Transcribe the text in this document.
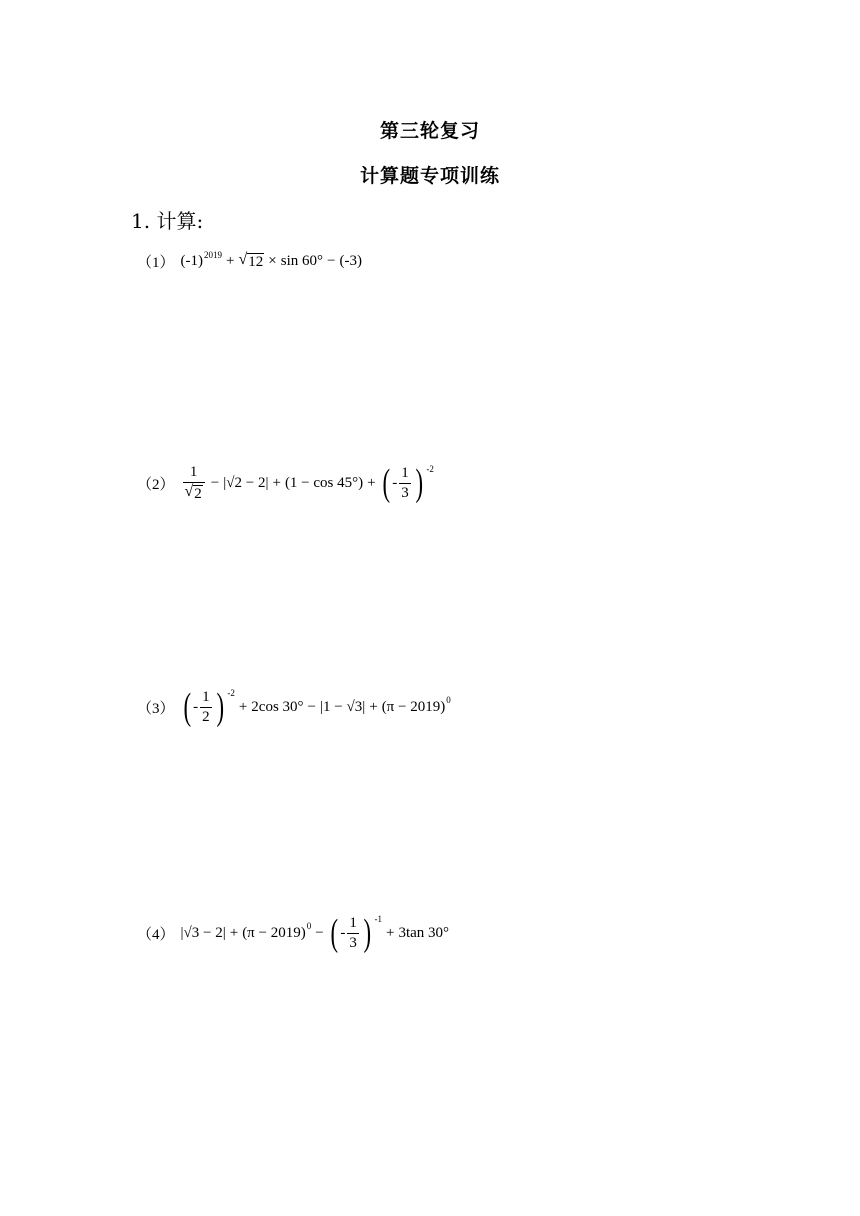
第三轮复习
计算题专项训练
1. 计算:
（1） (-1) 2019 + √ 12 × sin 60° − (-3)
$(2) \frac{1}{√ 2} - |√2 - 2| + (1 - \cos 45^\circ)$ + ( - $\frac{1}{3}$ ) -2
（3） ( - $\frac{1}{2}$ ) -2
+ 2cos 30° − |1 − √3| + (π − 2019) 0
（4） |√3 − 2| + (π − 2019) 0 − ( - $\frac{1}{3}$ ) -1
+ 3tan 30°
